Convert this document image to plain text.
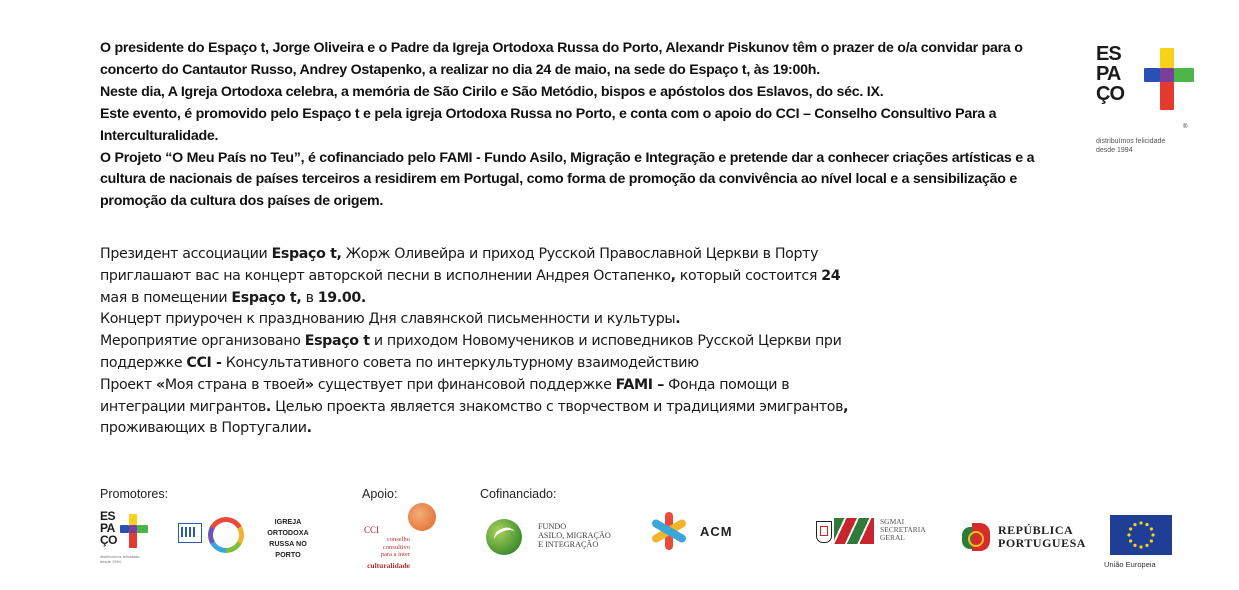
O presidente do Espaço t, Jorge Oliveira e o Padre da Igreja Ortodoxa Russa do Porto, Alexandr Piskunov têm o prazer de o/a convidar para o concerto do Cantautor Russo, Andrey Ostapenko, a realizar no dia 24 de maio, na sede do Espaço t, às 19:00h.

Neste dia, A Igreja Ortodoxa celebra, a memória de São Cirilo e São Metódio, bispos e apóstolos dos Eslavos, do séc. IX.

Este evento, é promovido pelo Espaço t e pela igreja Ortodoxa Russa no Porto, e conta com o apoio do CCI – Conselho Consultivo Para a Interculturalidade.

O Projeto “O Meu País no Teu”, é cofinanciado pelo FAMI - Fundo Asilo, Migração e Integração e pretende dar a conhecer criações artísticas e a cultura de nacionais de países terceiros a residirem em Portugal, como forma de promoção da convivência ao nível local e a sensibilização e promoção da cultura dos países de origem.

Президент ассоциации Espaço t, Жорж Оливейра и приход Русской Православной Церкви в Порту

приглашают вас на концерт авторской песни в исполнении Андрея Остапенко, который состоится 24

мая в помещении Espaço t, в 19.00.

Концерт приурочен к празднованию Дня славянской письменности и культуры.

Мероприятие организовано Espaço t и приходом Новомучеников и исповедников Русской Церкви при

поддержке CCI - Консультативного совета по интеркультурному взаимодействию

Проект «Моя страна в твоей» существует при финансовой поддержке FAMI – Фонда помощи в

интеграции мигрантов. Целью проекта является знакомство с творчеством и традициями эмигрантов,

проживающих в Португалии.

ES
PA
ÇO
®
distribuímos felicidade
desde 1994
Promotores:	Apoio:	Cofinanciado:
ES
PA
ÇO
distribuímos felicidade
desde 1994
IGREJA
ORTODOXA
RUSSA NO
PORTO
CCI
conselho
consultivo
para a inter
culturalidade
FUNDO
ASILO, MIGRAÇÃO
E INTEGRAÇÃO
ACM
SGMAI
SECRETARIA
GERAL
REPÚBLICA
PORTUGUESA
União Europeia
